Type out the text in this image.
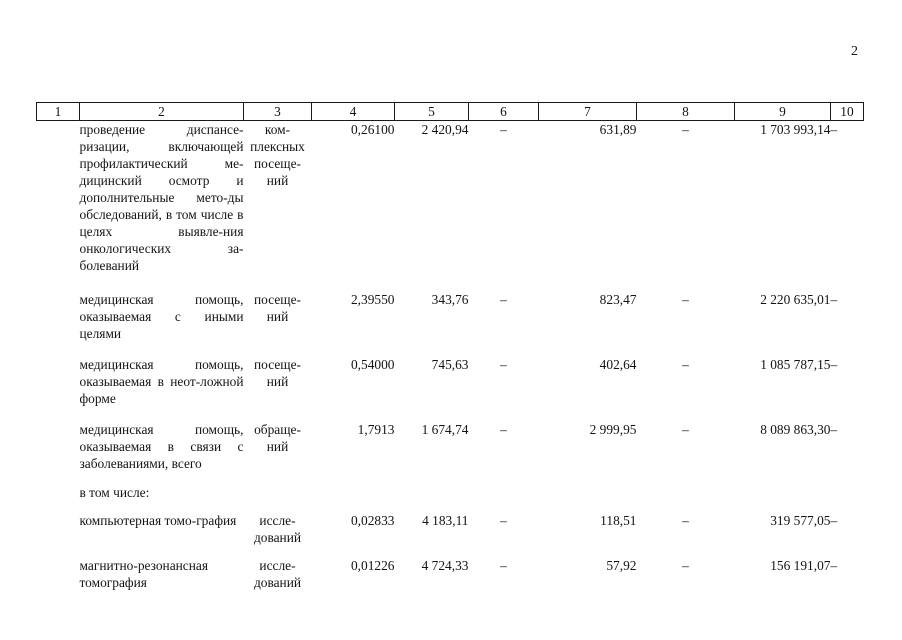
2
1	2	3	4	5	6	7	8	9	10
	проведение диспансе-ризации, включающей профилактический ме-дицинский осмотр и дополнительные мето-ды обследований, в том числе в целях выявле-ния онкологических за-болеваний	ком-плексных посеще-ний	0,26100	2 420,94	–	631,89	–	1 703 993,14	–
	медицинская помощь, оказываемая с иными целями	посеще-ний	2,39550	343,76	–	823,47	–	2 220 635,01	–
	медицинская помощь, оказываемая в неот-ложной форме	посеще-ний	0,54000	745,63	–	402,64	–	1 085 787,15	–
	медицинская помощь, оказываемая в связи с заболеваниями, всего	обраще-ний	1,7913	1 674,74	–	2 999,95	–	8 089 863,30	–
	в том числе:								
	компьютерная томо-графия	иссле-дований	0,02833	4 183,11	–	118,51	–	319 577,05	–
	магнитно-резонансная томография	иссле-дований	0,01226	4 724,33	–	57,92	–	156 191,07	–
